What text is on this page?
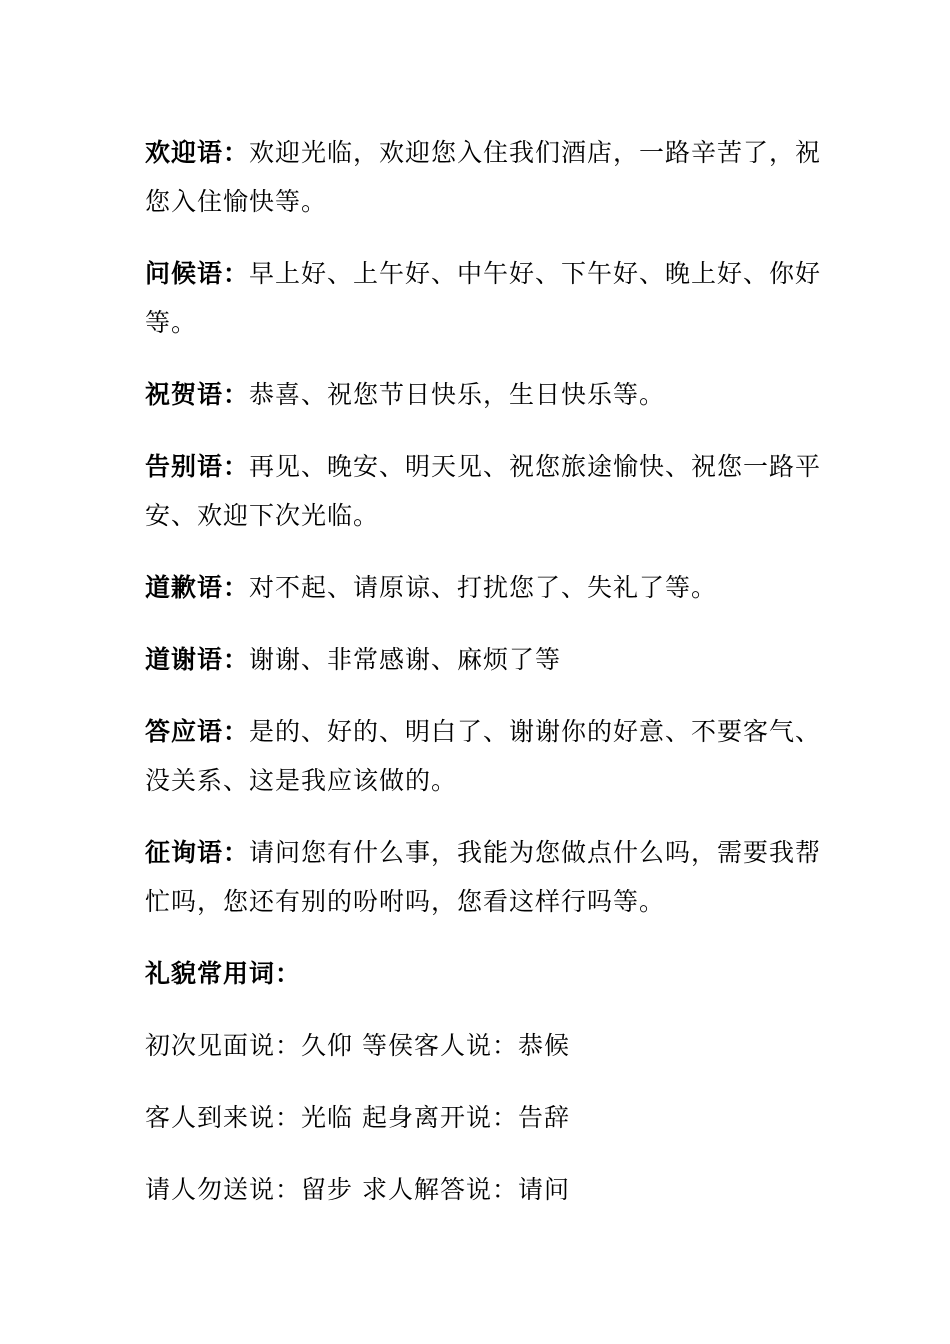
欢迎语：欢迎光临，欢迎您入住我们酒店，一路辛苦了，祝您入住愉快等。

问候语：早上好、上午好、中午好、下午好、晚上好、你好等。

祝贺语：恭喜、祝您节日快乐，生日快乐等。

告别语：再见、晚安、明天见、祝您旅途愉快、祝您一路平安、欢迎下次光临。

道歉语：对不起、请原谅、打扰您了、失礼了等。

道谢语：谢谢、非常感谢、麻烦了等

答应语：是的、好的、明白了、谢谢你的好意、不要客气、没关系、这是我应该做的。

征询语：请问您有什么事，我能为您做点什么吗，需要我帮忙吗，您还有别的吩咐吗，您看这样行吗等。

礼貌常用词：

初次见面说：久仰 等侯客人说：恭候

客人到来说：光临 起身离开说：告辞

请人勿送说：留步 求人解答说：请问
